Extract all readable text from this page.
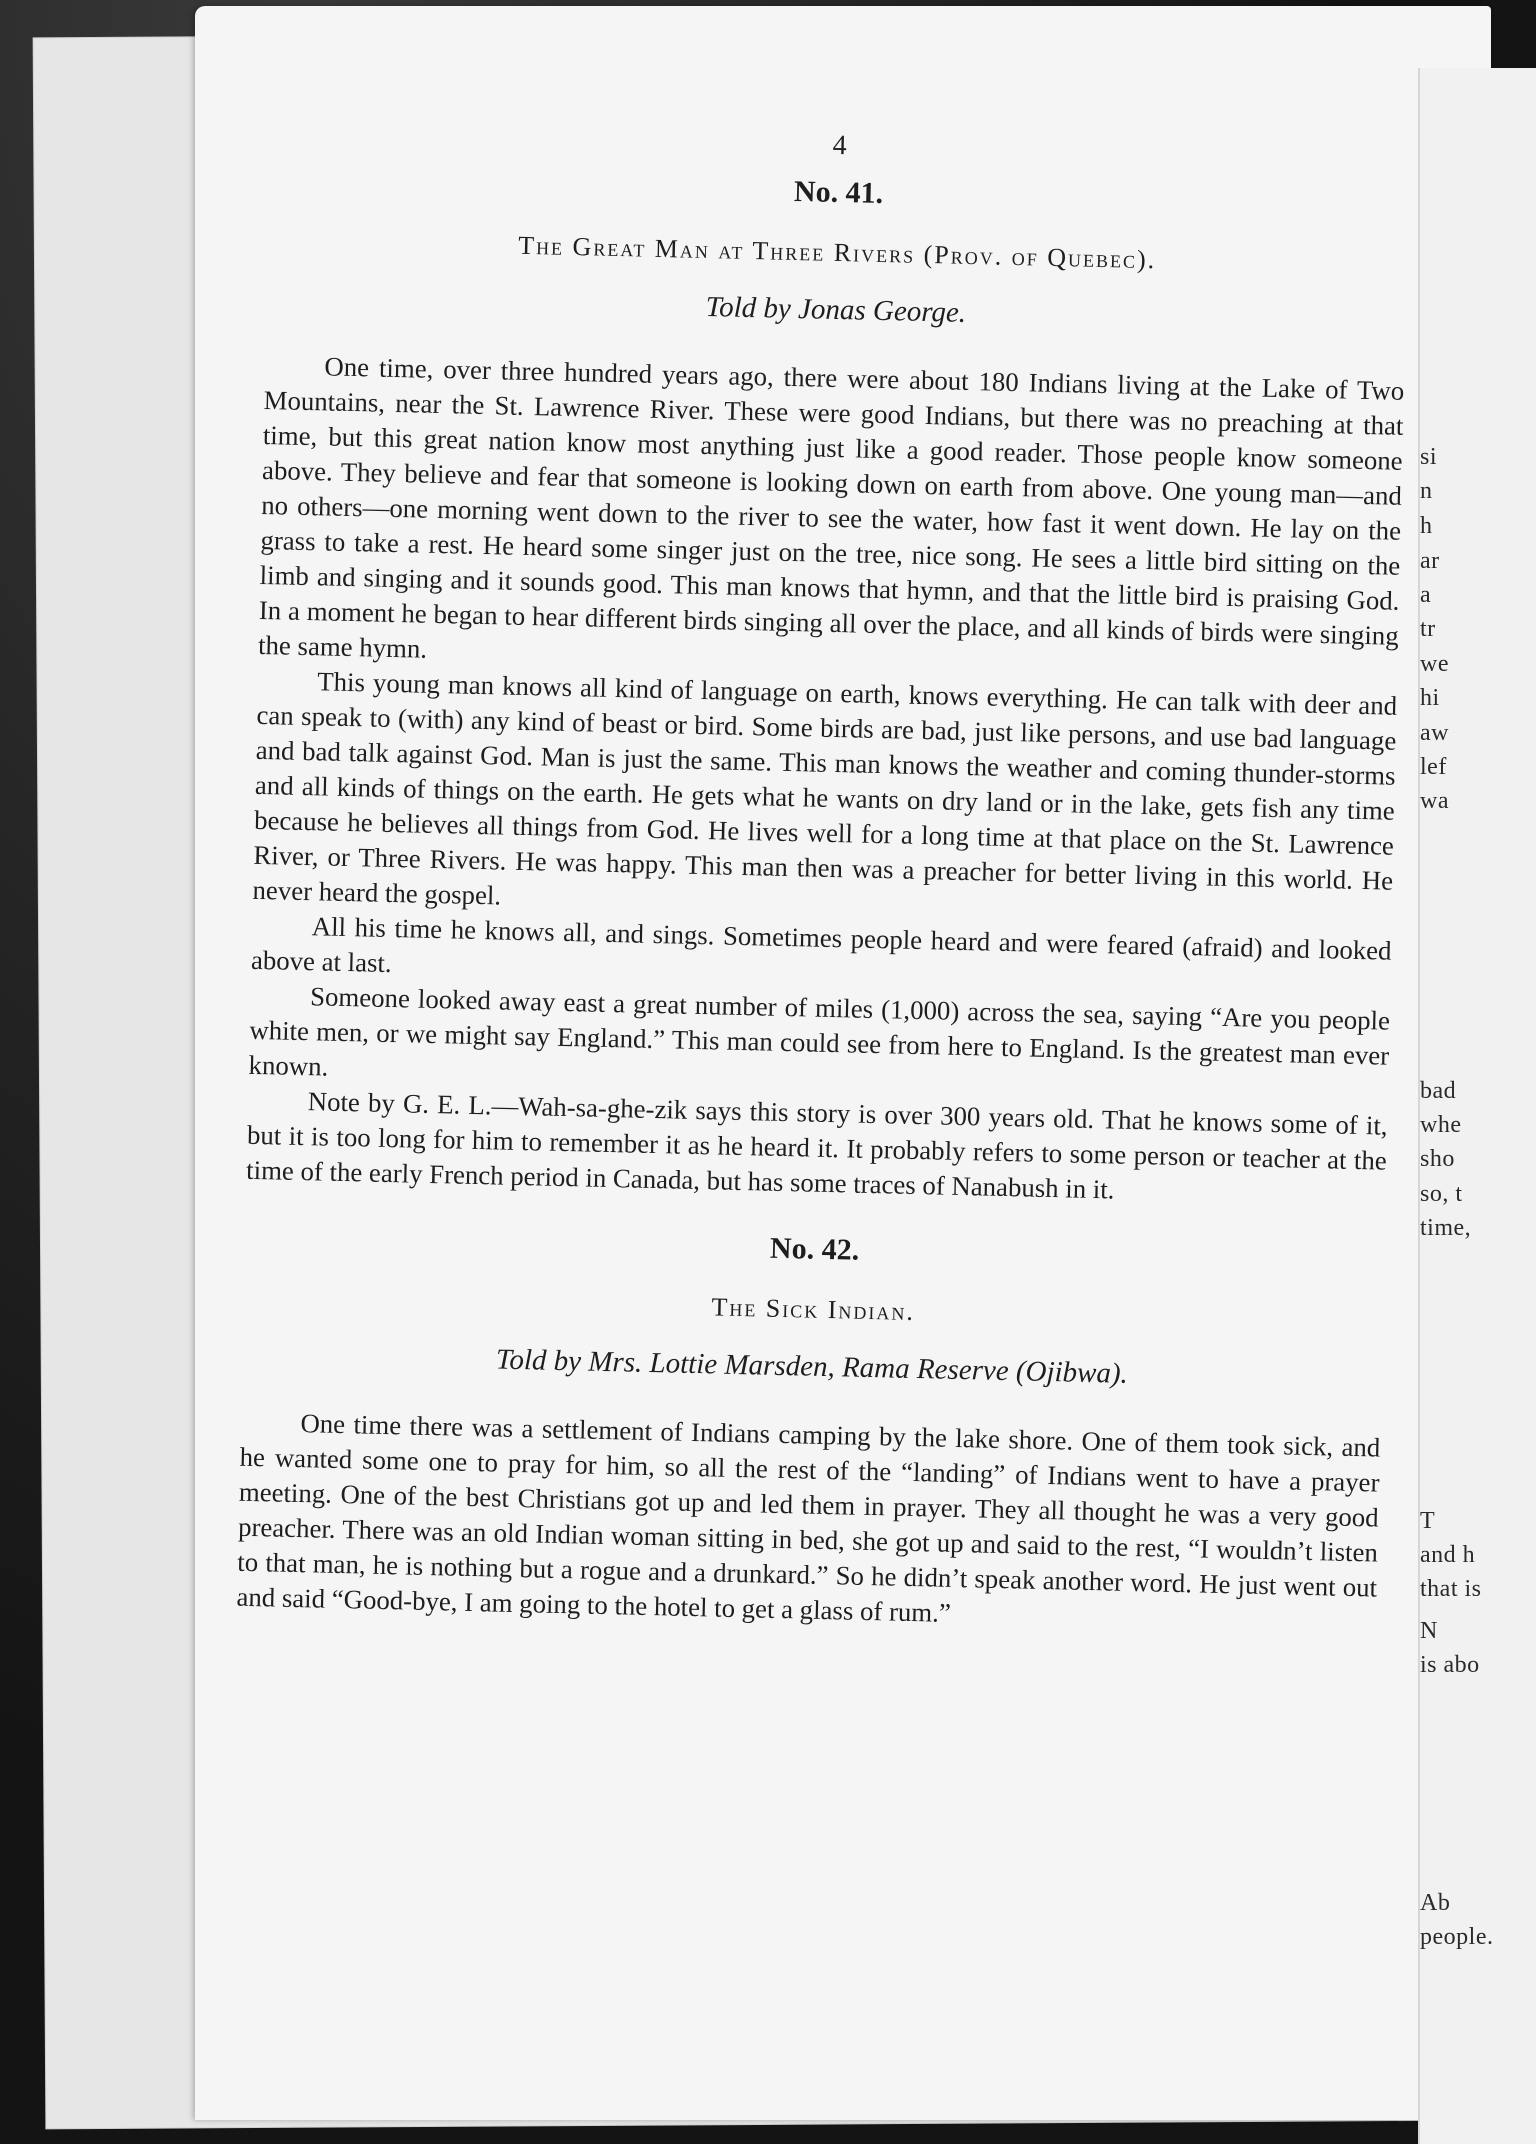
si
n
h
ar
a
tr
we
hi
aw
lef
wa
bad
whe
sho
so, t
time,
T
and h
that is
N
is abo
Ab
people.
4
No. 41.
The Great Man at Three Rivers (Prov. of Quebec).
Told by Jonas George.

One time, over three hundred years ago, there were about 180 Indians living at the Lake of Two Mountains, near the St. Lawrence River. These were good Indians, but there was no preaching at that time, but this great nation know most anything just like a good reader. Those people know someone above. They believe and fear that someone is looking down on earth from above. One young man—and no others—one morning went down to the river to see the water, how fast it went down. He lay on the grass to take a rest. He heard some singer just on the tree, nice song. He sees a little bird sitting on the limb and singing and it sounds good. This man knows that hymn, and that the little bird is praising God. In a moment he began to hear different birds singing all over the place, and all kinds of birds were singing the same hymn.

This young man knows all kind of language on earth, knows everything. He can talk with deer and can speak to (with) any kind of beast or bird. Some birds are bad, just like persons, and use bad language and bad talk against God. Man is just the same. This man knows the weather and coming thunder-storms and all kinds of things on the earth. He gets what he wants on dry land or in the lake, gets fish any time because he believes all things from God. He lives well for a long time at that place on the St. Lawrence River, or Three Rivers. He was happy. This man then was a preacher for better living in this world. He never heard the gospel.

All his time he knows all, and sings. Sometimes people heard and were feared (afraid) and looked above at last.

Someone looked away east a great number of miles (1,000) across the sea, saying “Are you people white men, or we might say England.” This man could see from here to England. Is the greatest man ever known.

Note by G. E. L.—Wah-sa-ghe-zik says this story is over 300 years old. That he knows some of it, but it is too long for him to remember it as he heard it. It probably refers to some person or teacher at the time of the early French period in Canada, but has some traces of Nanabush in it.

No. 42.
The Sick Indian.
Told by Mrs. Lottie Marsden, Rama Reserve (Ojibwa).

One time there was a settlement of Indians camping by the lake shore. One of them took sick, and he wanted some one to pray for him, so all the rest of the “landing” of Indians went to have a prayer meeting. One of the best Christians got up and led them in prayer. They all thought he was a very good preacher. There was an old Indian woman sitting in bed, she got up and said to the rest, “I wouldn’t listen to that man, he is nothing but a rogue and a drunkard.” So he didn’t speak another word. He just went out and said “Good-bye, I am going to the hotel to get a glass of rum.”
